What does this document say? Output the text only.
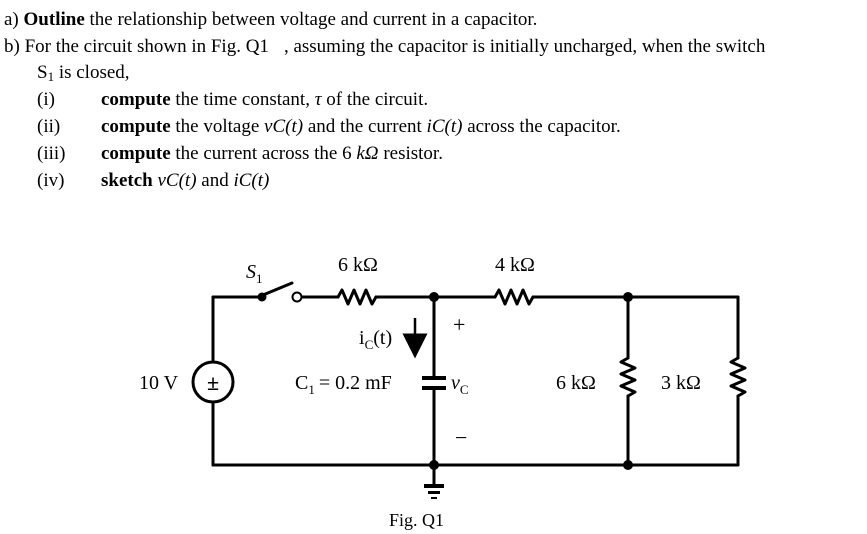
a) Outline the relationship between voltage and current in a capacitor.
b) For the circuit shown in Fig. Q1 , assuming the capacitor is initially uncharged, when the switch
$S_1$ is closed,
(i) compute the time constant, τ of the circuit.
(ii) compute the voltage vC(t) and the current iC(t) across the capacitor.
(iii) compute the current across the 6 kΩ resistor.
(iv) sketch vC(t) and iC(t)
±
$S_1$
6 kΩ	4 kΩ
6 kΩ	3 kΩ
10 V	$C_1 = 0.2$ mF
$i_C(t)$
$v_C$
+
−
Fig. Q1
